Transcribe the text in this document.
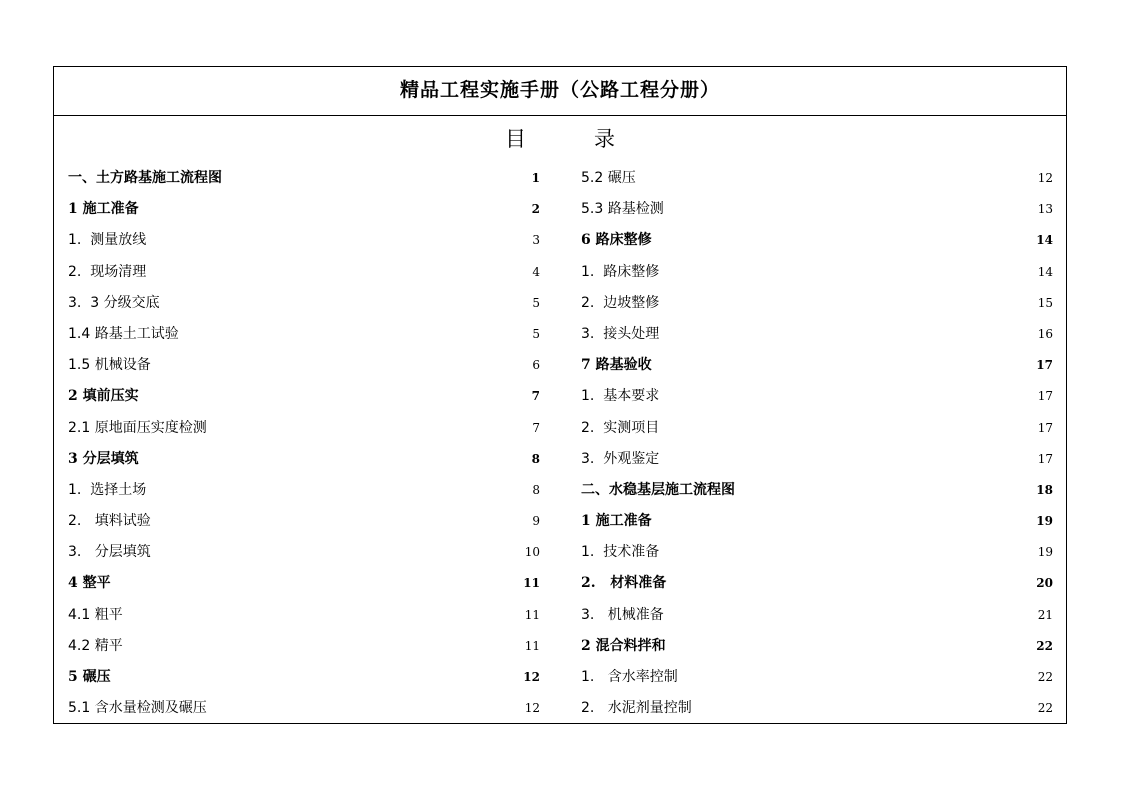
精品工程实施手册（公路工程分册）
目录
一、土方路基施工流程图	1
1 施工准备	2
1.  测量放线	3
2.  现场清理	4
3.  3 分级交底	5
1.4 路基土工试验	5
1.5 机械设备	6
2 填前压实	7
2.1 原地面压实度检测	7
3 分层填筑	8
1.  选择土场	8
2.   填料试验	9
3.   分层填筑	10
4 整平	11
4.1 粗平	11
4.2 精平	11
5 碾压	12
5.1 含水量检测及碾压	12
5.2 碾压	12
5.3 路基检测	13
6 路床整修	14
1.  路床整修	14
2.  边坡整修	15
3.  接头处理	16
7 路基验收	17
1.  基本要求	17
2.  实测项目	17
3.  外观鉴定	17
二、水稳基层施工流程图	18
1 施工准备	19
1.  技术准备	19
2.   材料准备	20
3.   机械准备	21
2 混合料拌和	22
1.   含水率控制	22
2.   水泥剂量控制	22
